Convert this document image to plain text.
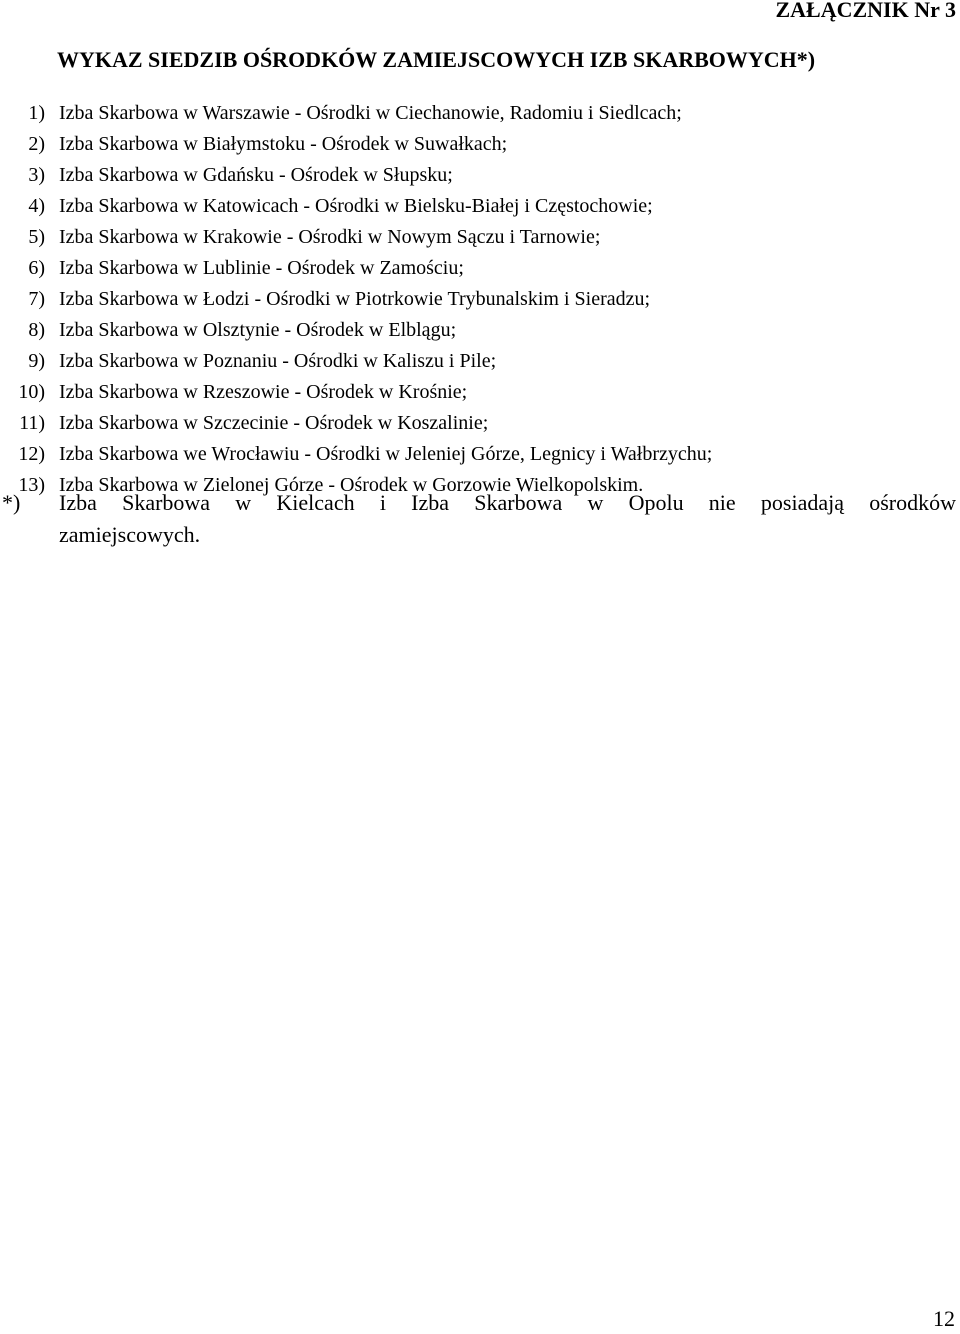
ZAŁĄCZNIK Nr 3
WYKAZ SIEDZIB OŚRODKÓW ZAMIEJSCOWYCH IZB SKARBOWYCH*)
1) Izba Skarbowa w Warszawie - Ośrodki w Ciechanowie, Radomiu i Siedlcach;
2) Izba Skarbowa w Białymstoku - Ośrodek w Suwałkach;
3) Izba Skarbowa w Gdańsku - Ośrodek w Słupsku;
4) Izba Skarbowa w Katowicach - Ośrodki w Bielsku-Białej i Częstochowie;
5) Izba Skarbowa w Krakowie - Ośrodki w Nowym Sączu i Tarnowie;
6) Izba Skarbowa w Lublinie - Ośrodek w Zamościu;
7) Izba Skarbowa w Łodzi - Ośrodki w Piotrkowie Trybunalskim i Sieradzu;
8) Izba Skarbowa w Olsztynie - Ośrodek w Elblągu;
9) Izba Skarbowa w Poznaniu - Ośrodki w Kaliszu i Pile;
10) Izba Skarbowa w Rzeszowie - Ośrodek w Krośnie;
11) Izba Skarbowa w Szczecinie - Ośrodek w Koszalinie;
12) Izba Skarbowa we Wrocławiu - Ośrodki w Jeleniej Górze, Legnicy i Wałbrzychu;
13) Izba Skarbowa w Zielonej Górze - Ośrodek w Gorzowie Wielkopolskim.
*) Izba Skarbowa w Kielcach i Izba Skarbowa w Opolu nie posiadają ośrodków
zamiejscowych.
12
